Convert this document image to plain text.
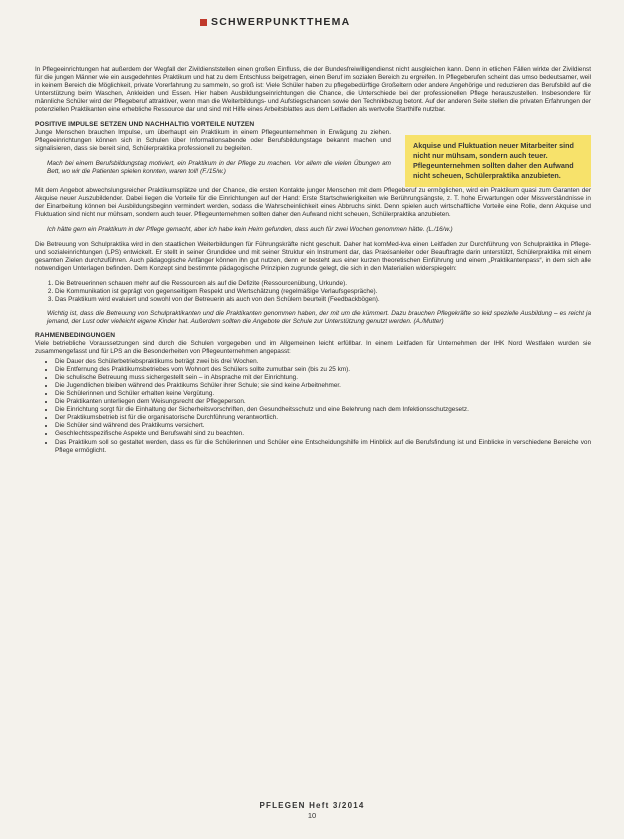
SCHWERPUNKTTHEMA

In Pflegeeinrichtungen hat außerdem der Wegfall der Zivildienststellen einen großen Einfluss, die der Bundesfreiwilligendienst nicht ausgleichen kann. Denn in etlichen Fällen wirkte der Zivildienst für die jungen Männer wie ein ausgedehntes Praktikum und hat zu dem Entschluss beigetragen, einen Beruf im sozialen Bereich zu ergreifen. In Pflegeberufen scheint das umso bedeutsamer, weil in keinem Bereich die Möglichkeit, private Vorerfahrung zu sammeln, so groß ist: Viele Schüler haben zu pflegebedürftige Großeltern oder andere Angehörige und reduzieren das Berufsbild auf die Unterstützung beim Waschen, Ankleiden und Essen. Hier haben Ausbildungseinrichtungen die Chance, die Unterschiede bei der professionellen Pflege herauszustellen. Insbesondere für männliche Schüler wird der Pflegeberuf attraktiver, wenn man die Weiterbildungs- und Aufstiegschancen sowie den Technikbezug betont. Auf der anderen Seite stellen die privaten Erfahrungen der potenziellen Praktikanten eine erhebliche Ressource dar und sind mit Hilfe eines Arbeitsblattes aus dem Leitfaden als wertvolle Starthilfe nutzbar.

POSITIVE IMPULSE SETZEN UND NACHHALTIG VORTEILE NUTZEN

Junge Menschen brauchen Impulse, um überhaupt ein Praktikum in einem Pflegeunternehmen in Erwägung zu ziehen. Pflegeeinrichtungen können sich in Schulen über Informationsabende oder Berufsbildungstage bekannt machen und signalisieren, dass sie bereit sind, Schülerpraktika professionell zu begleiten.

Mach bei einem Berufsbildungstag motiviert, ein Praktikum in der Pflege zu machen. Vor allem die vielen Übungen am Bett, wo wir die Patienten spielen konnten, waren toll! (F./15/w.)

Akquise und Fluktuation neuer Mitarbeiter sind nicht nur mühsam, sondern auch teuer. Pflegeunternehmen sollten daher den Aufwand nicht scheuen, Schülerpraktika anzubieten.

Mit dem Angebot abwechslungsreicher Praktikumsplätze und der Chance, die ersten Kontakte junger Menschen mit dem Pflegeberuf zu ermöglichen, wird ein Praktikum quasi zum Garanten der Akquise neuer Auszubildender. Dabei liegen die Vorteile für die Einrichtungen auf der Hand: Erste Startschwierigkeiten wie Berührungsängste, z. T. hohe Erwartungen oder Missverständnisse in der Einarbeitung können bei Ausbildungsbeginn vermindert werden, sodass die Wahrscheinlichkeit eines Abbruchs sinkt. Denn spielen auch wirtschaftliche Vorteile eine Rolle, denn Akquise und Fluktuation sind nicht nur mühsam, sondern auch teuer. Pflegeunternehmen sollten daher den Aufwand nicht scheuen, Schülerpraktika anzubieten.

Ich hätte gern ein Praktikum in der Pflege gemacht, aber ich habe kein Heim gefunden, dass auch für zwei Wochen genommen hätte. (L./16/w.)

Die Betreuung von Schulpraktika wird in den staatlichen Weiterbildungen für Führungskräfte nicht geschult. Daher hat komMed-kva einen Leitfaden zur Durchführung von Schulpraktika in Pflege- und sozialeinrichtungen (LPS) entwickelt. Er stellt in seiner Grundidee und mit seiner Struktur ein Instrument dar, das Praxisanleiter oder Beauftragte darin unterstützt, Schülerpraktika mit einem gesamten Zielen durchzuführen. Auch pädagogische Anfänger können ihn gut nutzen, denn er besteht aus einer kurzen theoretischen Einführung und einem „Praktikantenpass“, in dem sich alle notwendigen Unterlagen befinden. Dem Konzept sind bestimmte pädagogische Prinzipien zugrunde gelegt, die sich in den Materialien widerspiegeln:

1. Die Betreuerinnen schauen mehr auf die Ressourcen als auf die Defizite (Ressourcenübung, Urkunde).
2. Die Kommunikation ist geprägt von gegenseitigem Respekt und Wertschätzung (regelmäßige Verlaufsgespräche).
3. Das Praktikum wird evaluiert und sowohl von der Betreuerin als auch von den Schülern beurteilt (Feedbackbögen).

Wichtig ist, dass die Betreuung von Schulpraktikanten und die Praktikanten genommen haben, der mit um die kümmert. Dazu brauchen Pflegekräfte so leid spezielle Ausbildung – es reicht ja jemand, der Lust oder vielleicht eigene Kinder hat. Außerdem sollten die Angebote der Schule zur Unterstützung genutzt werden. (A./Mutter)

RAHMENBEDINGUNGEN

Viele betriebliche Voraussetzungen sind durch die Schulen vorgegeben und im Allgemeinen leicht erfüllbar. In einem Leitfaden für Unternehmen der IHK Nord Westfalen wurden sie zusammengefasst und für LPS an die Besonderheiten von Pflegeunternehmen angepasst:

• Die Dauer des Schülerbetriebspraktikums beträgt zwei bis drei Wochen.
• Die Entfernung des Praktikumsbetriebes vom Wohnort des Schülers sollte zumutbar sein (bis zu 25 km).
• Die schulische Betreuung muss sichergestellt sein – in Absprache mit der Einrichtung.
• Die Jugendlichen bleiben während des Praktikums Schüler ihrer Schule; sie sind keine Arbeitnehmer.
• Die Schülerinnen und Schüler erhalten keine Vergütung.
• Die Praktikanten unterliegen dem Weisungsrecht der Pflegeperson.
• Die Einrichtung sorgt für die Einhaltung der Sicherheitsvorschriften, den Gesundheitsschutz und eine Belehrung nach dem Infektionsschutzgesetz.
• Der Praktikumsbetrieb ist für die organisatorische Durchführung verantwortlich.
• Die Schüler sind während des Praktikums versichert.
• Geschlechtsspezifische Aspekte und Berufswahl sind zu beachten.
• Das Praktikum soll so gestaltet werden, dass es für die Schülerinnen und Schüler eine Entscheidungshilfe im Hinblick auf die Berufsfindung ist und Einblicke in verschiedene Bereiche von Pflege ermöglicht.
PFLEGEN Heft 3/2014
10
